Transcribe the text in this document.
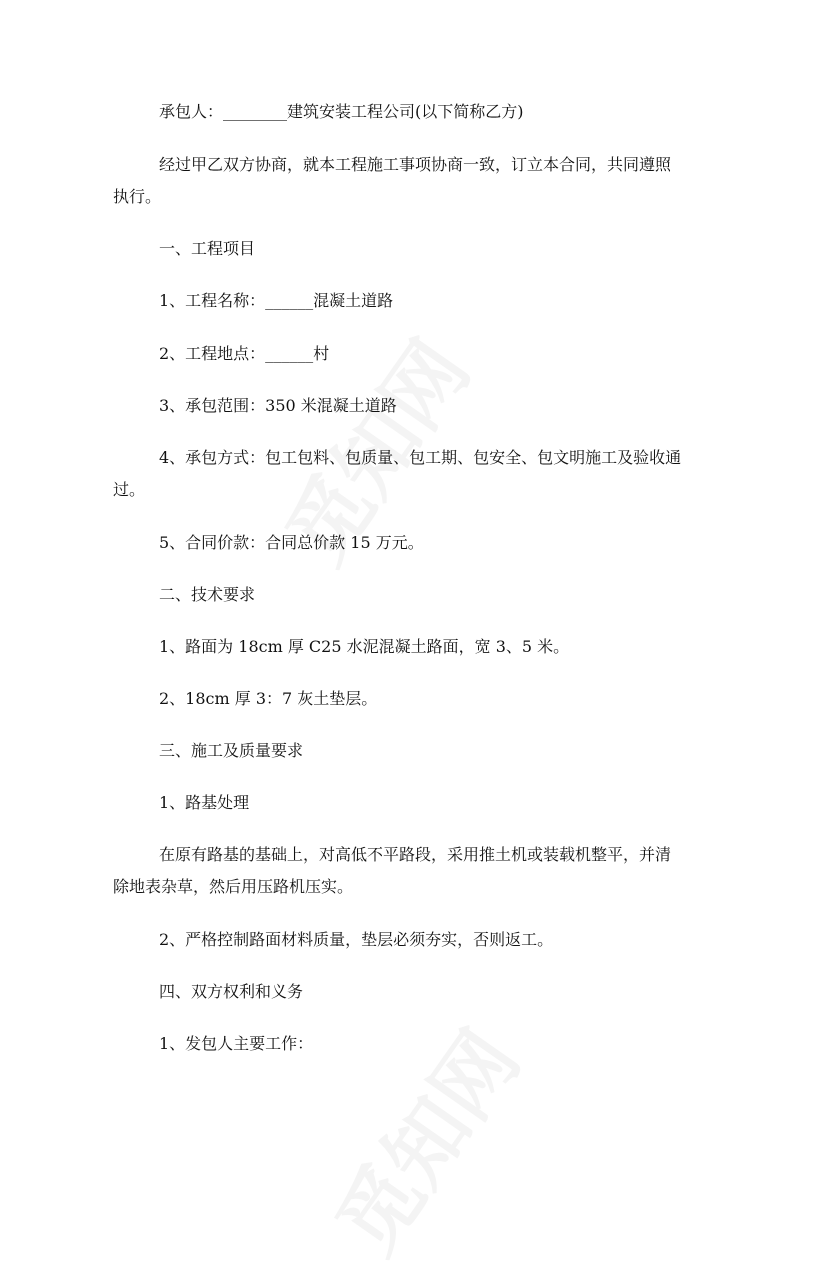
承包人：________建筑安装工程公司(以下简称乙方)
经过甲乙双方协商，就本工程施工事项协商一致，订立本合同，共同遵照
执行。
一、工程项目
1、工程名称：______混凝土道路
2、工程地点：______村
3、承包范围：350 米混凝土道路
4、承包方式：包工包料、包质量、包工期、包安全、包文明施工及验收通
过。
5、合同价款：合同总价款 15 万元。
二、技术要求
1、路面为 18cm 厚 C25 水泥混凝土路面，宽 3、5 米。
2、18cm 厚 3：7 灰土垫层。
三、施工及质量要求
1、路基处理
在原有路基的基础上，对高低不平路段，采用推土机或装载机整平，并清
除地表杂草，然后用压路机压实。
2、严格控制路面材料质量，垫层必须夯实，否则返工。
四、双方权利和义务
1、发包人主要工作：
